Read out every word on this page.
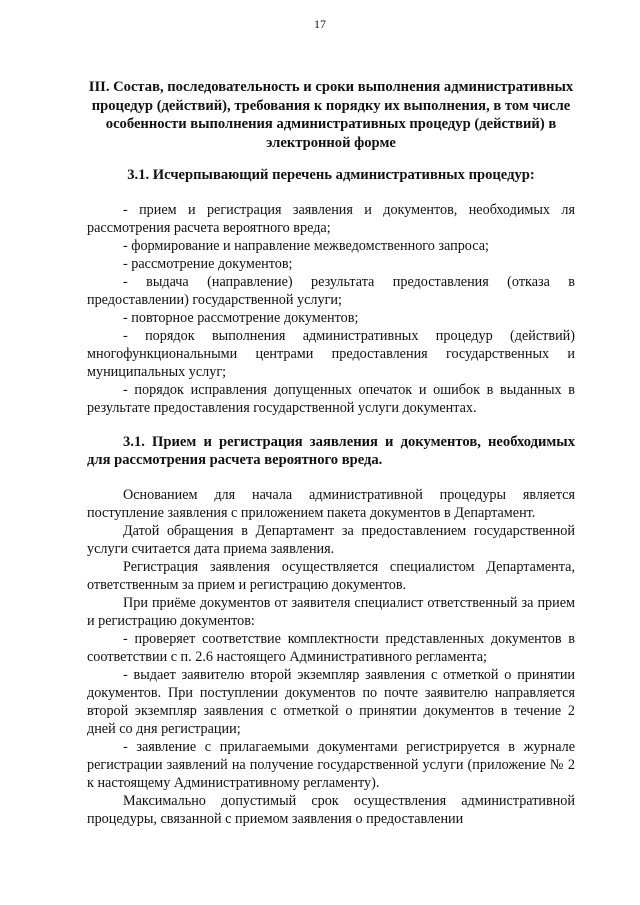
17
III. Состав, последовательность и сроки выполнения административных процедур (действий), требования к порядку их выполнения, в том числе особенности выполнения административных процедур (действий) в электронной форме
3.1. Исчерпывающий перечень административных процедур:

- прием и регистрация заявления и документов, необходимых ля рассмотрения расчета вероятного вреда;

- формирование и направление межведомственного запроса;

- рассмотрение документов;

- выдача (направление) результата предоставления (отказа в предоставлении) государственной услуги;

- повторное рассмотрение документов;

- порядок выполнения административных процедур (действий) многофункциональными центрами предоставления государственных и муниципальных услуг;

- порядок исправления допущенных опечаток и ошибок в выданных в результате предоставления государственной услуги документах.

3.1. Прием и регистрация заявления и документов, необходимых для рассмотрения расчета вероятного вреда.

Основанием для начала административной процедуры является поступление заявления с приложением пакета документов в Департамент.

Датой обращения в Департамент за предоставлением государственной услуги считается дата приема заявления.

Регистрация заявления осуществляется специалистом Департамента, ответственным за прием и регистрацию документов.

При приёме документов от заявителя специалист ответственный за прием и регистрацию документов:

- проверяет соответствие комплектности представленных документов в соответствии с п. 2.6 настоящего Административного регламента;

- выдает заявителю второй экземпляр заявления с отметкой о принятии документов. При поступлении документов по почте заявителю направляется второй экземпляр заявления с отметкой о принятии документов в течение 2 дней со дня регистрации;

- заявление с прилагаемыми документами регистрируется в журнале регистрации заявлений на получение государственной услуги (приложение № 2 к настоящему Административному регламенту).

Максимально допустимый срок осуществления административной процедуры, связанной с приемом заявления о предоставлении
